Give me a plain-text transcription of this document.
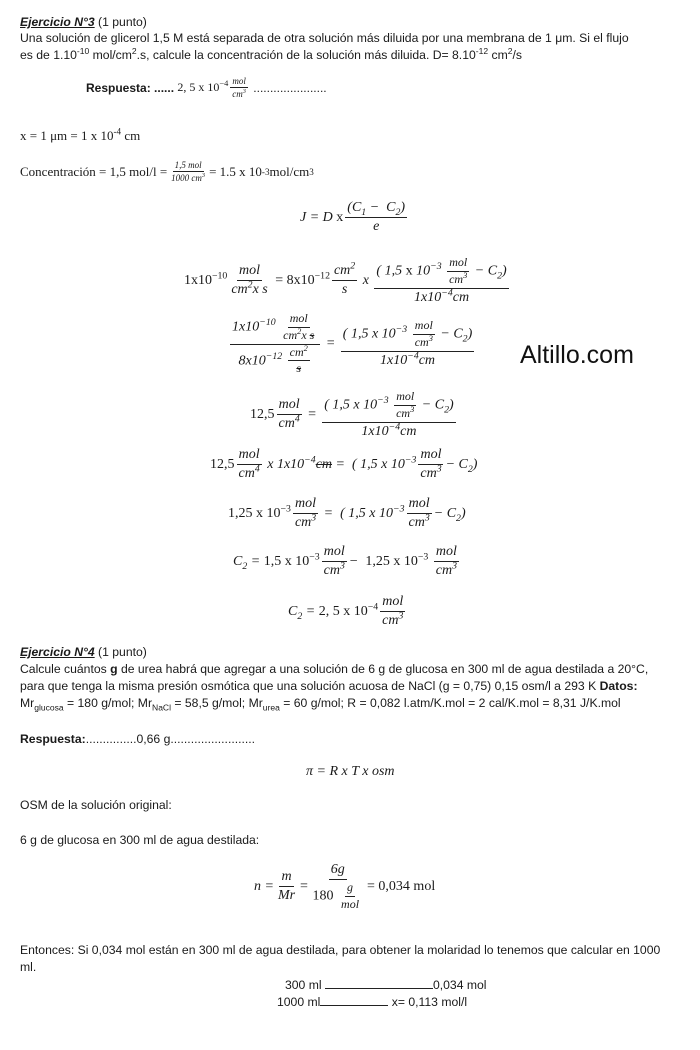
Ejercicio N°3 (1 punto)
Una solución de glicerol 1,5 M está separada de otra solución más diluida por una membrana de 1 μm. Si el flujo
es de $1.10^{-10}$ mol/$cm^2.s$, calcule la concentración de la solución más diluida. $D= 8.10^{-12}$ $cm^2/s$
Respuesta: ......
2, 5 x $10^{-4} \frac{\text{mol}}{cm^3}$
......................
x = 1 μm = 1 x $10^{-4}$ cm
Concentración = 1,5 $mol/l = \frac{\text{1,5 mol}}{1000 cm^3} = 1.5$ x 10 -3 mol/cm 3
J = D x $\frac{(C_1 - C_2)}{e}$
$1x10^{-10} \frac{\text{mol}}{cm^2x s} = 8x10^{-12} \frac{cm^2}{s}$ x $\frac{( 1,5 x 10^{-3} \frac{\text{mol}}{cm^3} - C_2)}{1x10^{-4}cm}$
$\frac{1x10^{-10} \frac{\text{mol}}{cm^2x s}}{8x10^{-12} \frac{cm^2}{s}} = \frac{( 1,5 x 10^{-3} \frac{\text{mol}}{cm^3} - C_2)}{1x10^{-4}cm}$ Altillo.com
$12,5 \frac{\text{mol}}{cm^4} = \frac{( 1,5 x 10^{-3} \frac{\text{mol}}{cm^3} - C_2)}{1x10^{-4}cm}$
$12,5 \frac{\text{mol}}{cm^4}$ x $1x10^{-4}cm$ =  ( 1,5 x $10^{-3} \frac{\text{mol}}{cm^3} - C_2$)
1,25 x $10^{-3} \frac{\text{mol}}{cm^3}$ =  ( 1,5 x $10^{-3} \frac{\text{mol}}{cm^3} - C_2$)
$C_2 = 1,5$ x $10^{-3} \frac{\text{mol}}{cm^3} - 1,25$ x $10^{-3} \frac{\text{mol}}{cm^3}$
$C_2 = 2$, 5 x $10^{-4} \frac{\text{mol}}{cm^3}$
Ejercicio N°4 (1 punto)
Calcule cuántos g de urea habrá que agregar a una solución de 6 g de glucosa en 300 ml de agua destilada a 20°C,
para que tenga la misma presión osmótica que una solución acuosa de NaCl (g = 0,75) 0,15 osm/l a 293 K Datos:
$Mr_{glucosa} = 180$ g/mol; $Mr_{NaCl} = 58,5$ g/mol; $Mr_{urea} = 60$ g/mol; R = 0,082 l.atm/K.mol = 2 cal/K.mol = 8,31 J/K.mol
Respuesta:...............0,66 g.........................
π = R x T x osm
OSM de la solución original:
6 g de glucosa en 300 ml de agua destilada:
$n = \frac{m}{Mr} = \frac{6g}{180 \frac{g}{\text{mol}}} = 0,034$ mol
Entonces: Si 0,034 mol están en 300 ml de agua destilada, para obtener la molaridad lo tenemos que calcular en 1000
ml.
300 ml	0,034 mol
1000 ml	x= 0,113 mol/l
